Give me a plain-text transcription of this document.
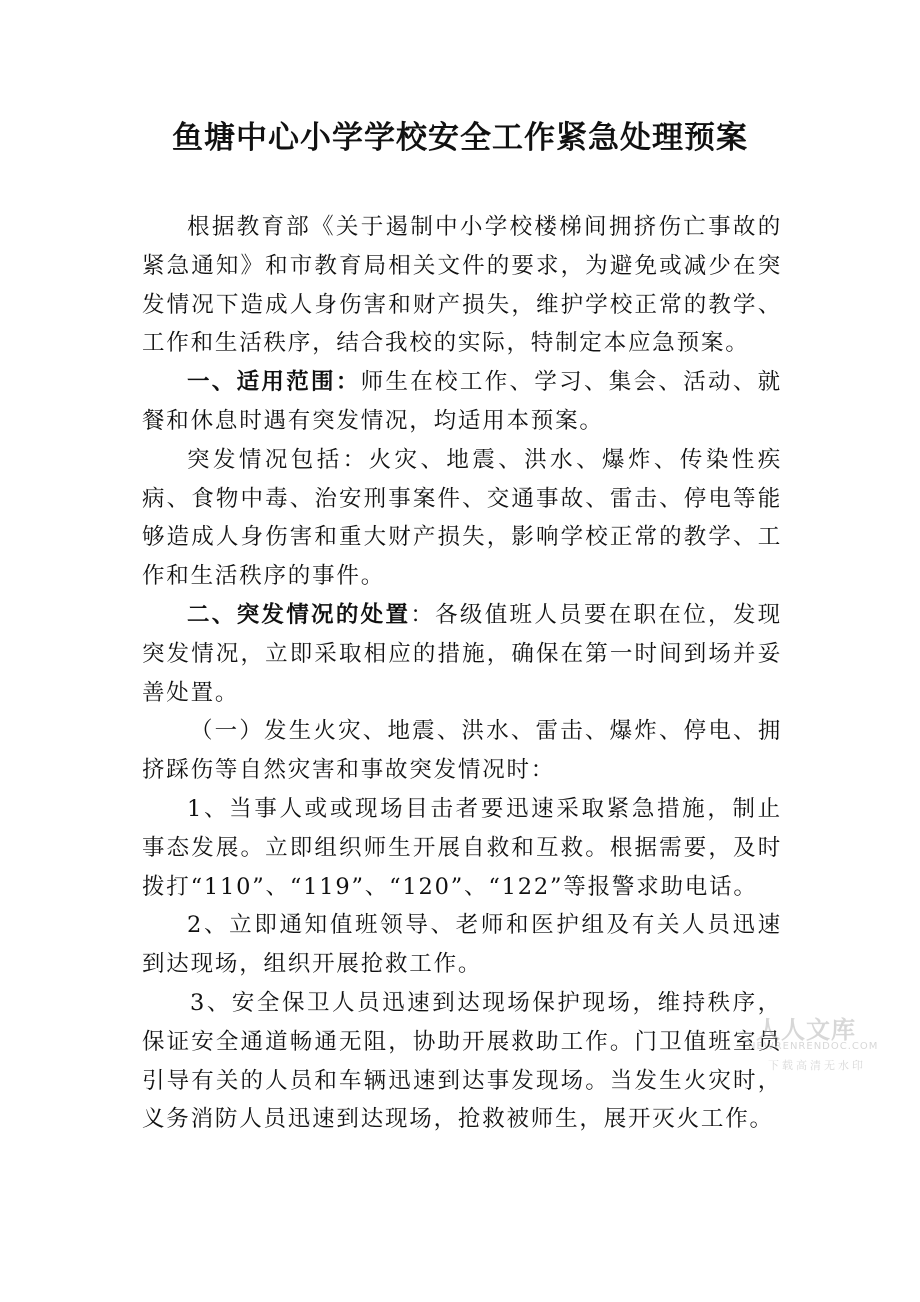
鱼塘中心小学学校安全工作紧急处理预案

根据教育部《关于遏制中小学校楼梯间拥挤伤亡事故的紧急通知》和市教育局相关文件的要求，为避免或减少在突发情况下造成人身伤害和财产损失，维护学校正常的教学、工作和生活秩序，结合我校的实际，特制定本应急预案。

一、适用范围：师生在校工作、学习、集会、活动、就餐和休息时遇有突发情况，均适用本预案。

突发情况包括：火灾、地震、洪水、爆炸、传染性疾病、食物中毒、治安刑事案件、交通事故、雷击、停电等能够造成人身伤害和重大财产损失，影响学校正常的教学、工作和生活秩序的事件。

二、突发情况的处置：各级值班人员要在职在位，发现突发情况，立即采取相应的措施，确保在第一时间到场并妥善处置。

（一）发生火灾、地震、洪水、雷击、爆炸、停电、拥挤踩伤等自然灾害和事故突发情况时：

1、当事人或或现场目击者要迅速采取紧急措施，制止事态发展。立即组织师生开展自救和互救。根据需要，及时拨打“110”、“119”、“120”、“122”等报警求助电话。

2、立即通知值班领导、老师和医护组及有关人员迅速到达现场，组织开展抢救工作。

3、安全保卫人员迅速到达现场保护现场，维持秩序，保证安全通道畅通无阻，协助开展救助工作。门卫值班室员引导有关的人员和车辆迅速到达事发现场。当发生火灾时，义务消防人员迅速到达现场，抢救被师生，展开灭火工作。

人人文库
NEWRENRENDOC.COM
下载高清无水印
